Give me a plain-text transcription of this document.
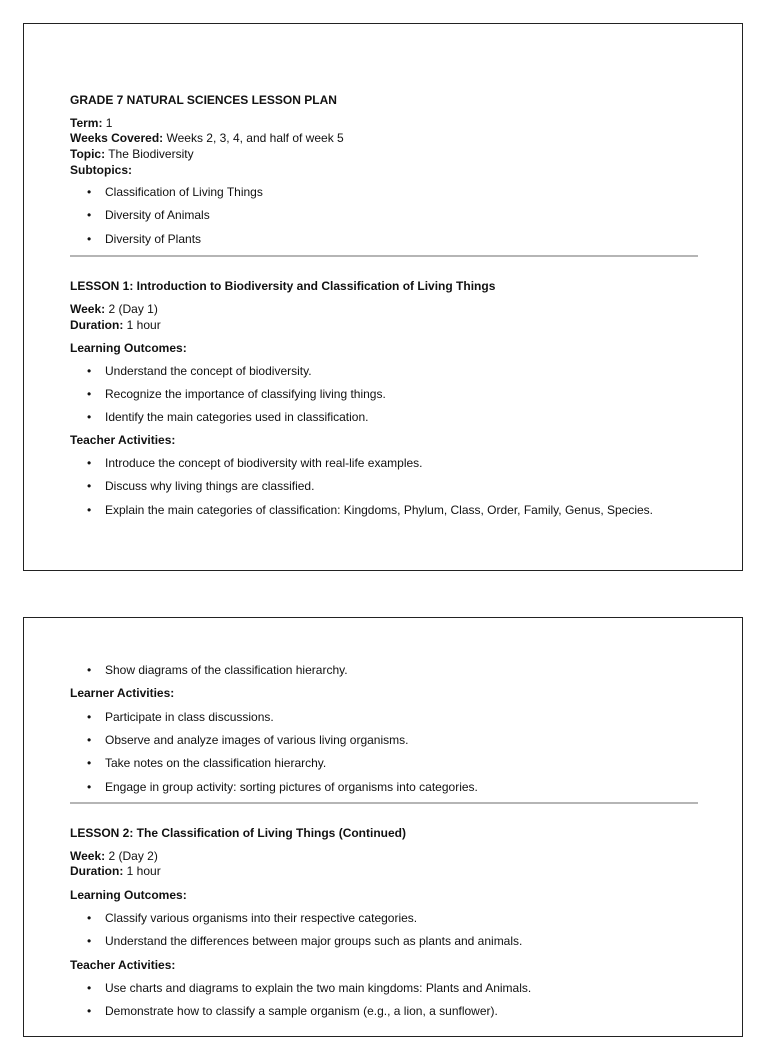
GRADE 7 NATURAL SCIENCES LESSON PLAN
Term: 1
Weeks Covered: Weeks 2, 3, 4, and half of week 5
Topic: The Biodiversity
Subtopics:
• Classification of Living Things
• Diversity of Animals
• Diversity of Plants
LESSON 1: Introduction to Biodiversity and Classification of Living Things
Week: 2 (Day 1)
Duration: 1 hour
Learning Outcomes:
• Understand the concept of biodiversity.
• Recognize the importance of classifying living things.
• Identify the main categories used in classification.
Teacher Activities:
• Introduce the concept of biodiversity with real-life examples.
• Discuss why living things are classified.
• Explain the main categories of classification: Kingdoms, Phylum, Class, Order, Family, Genus, Species.
• Show diagrams of the classification hierarchy.
Learner Activities:
• Participate in class discussions.
• Observe and analyze images of various living organisms.
• Take notes on the classification hierarchy.
• Engage in group activity: sorting pictures of organisms into categories.
LESSON 2: The Classification of Living Things (Continued)
Week: 2 (Day 2)
Duration: 1 hour
Learning Outcomes:
• Classify various organisms into their respective categories.
• Understand the differences between major groups such as plants and animals.
Teacher Activities:
• Use charts and diagrams to explain the two main kingdoms: Plants and Animals.
• Demonstrate how to classify a sample organism (e.g., a lion, a sunflower).
